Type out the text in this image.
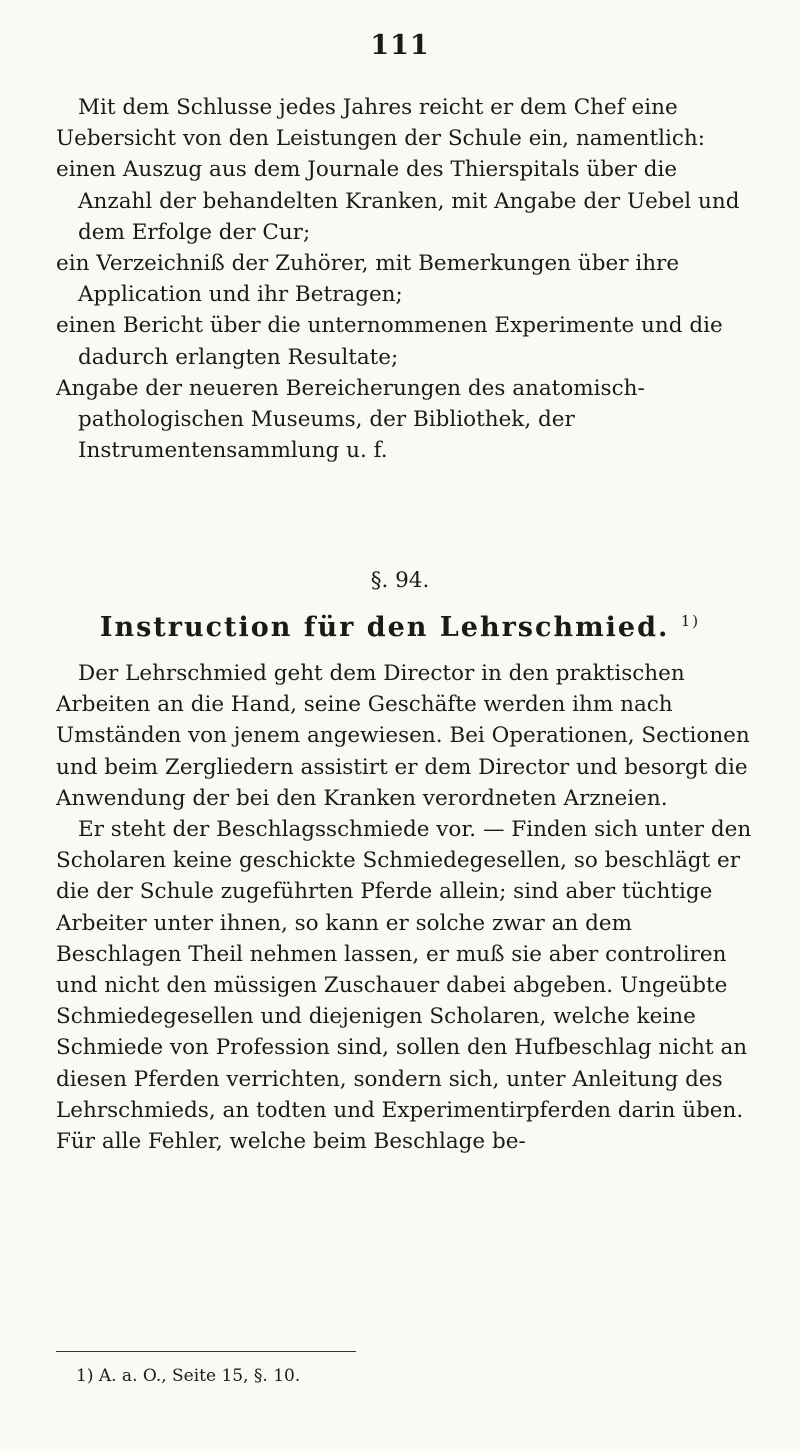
111

Mit dem Schlusse jedes Jahres reicht er dem Chef eine Uebersicht von den Leistungen der Schule ein, namentlich:

einen Auszug aus dem Journale des Thierspitals über die Anzahl der behandelten Kranken, mit Angabe der Uebel und dem Erfolge der Cur;

ein Verzeichniß der Zuhörer, mit Bemerkungen über ihre Application und ihr Betragen;

einen Bericht über die unternommenen Experimente und die dadurch erlangten Resultate;

Angabe der neueren Bereicherungen des anatomisch-pathologischen Museums, der Bibliothek, der Instrumentensammlung u. f.

§. 94.
Instruction für den Lehrschmied. $^{1)}$

Der Lehrschmied geht dem Director in den praktischen Arbeiten an die Hand, seine Geschäfte werden ihm nach Umständen von jenem angewiesen. Bei Operationen, Sectionen und beim Zergliedern assistirt er dem Director und besorgt die Anwendung der bei den Kranken verordneten Arzneien.

Er steht der Beschlagsschmiede vor. — Finden sich unter den Scholaren keine geschickte Schmiedegesellen, so beschlägt er die der Schule zugeführten Pferde allein; sind aber tüchtige Arbeiter unter ihnen, so kann er solche zwar an dem Beschlagen Theil nehmen lassen, er muß sie aber controliren und nicht den müssigen Zuschauer dabei abgeben. Ungeübte Schmiedegesellen und diejenigen Scholaren, welche keine Schmiede von Profession sind, sollen den Hufbeschlag nicht an diesen Pferden verrichten, sondern sich, unter Anleitung des Lehrschmieds, an todten und Experimentirpferden darin üben. Für alle Fehler, welche beim Beschlage be-

1) A. a. O., Seite 15, §. 10.
